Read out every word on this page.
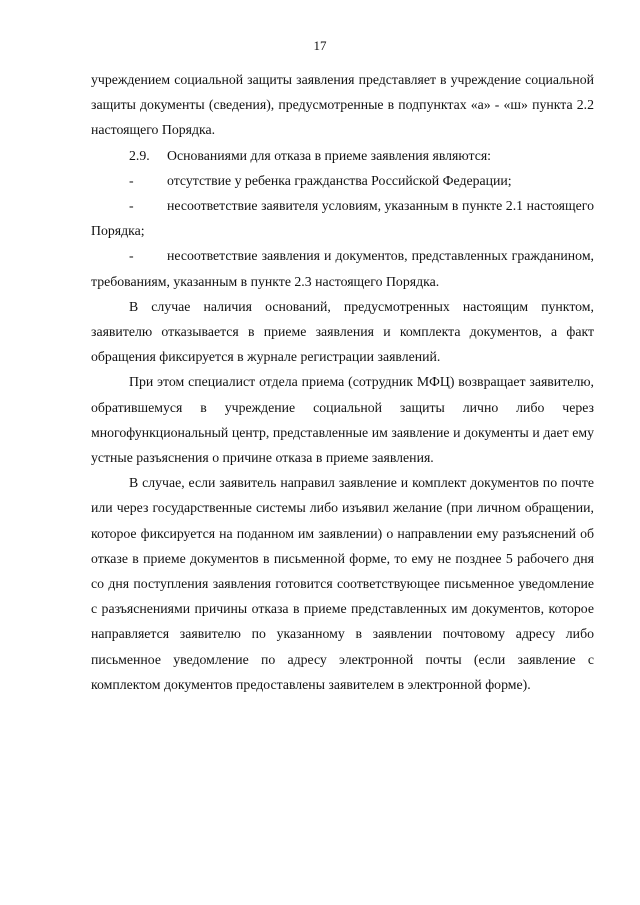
17

учреждением социальной защиты заявления представляет в учреждение социальной защиты документы (сведения), предусмотренные в подпунктах «а» - «ш» пункта 2.2 настоящего Порядка.

2.9.	Основаниями для отказа в приеме заявления являются:
-	отсутствие у ребенка гражданства Российской Федерации;

- несоответствие заявителя условиям, указанным в пункте 2.1 настоящего Порядка;

- несоответствие заявления и документов, представленных гражданином, требованиям, указанным в пункте 2.3 настоящего Порядка.

В случае наличия оснований, предусмотренных настоящим пунктом, заявителю отказывается в приеме заявления и комплекта документов, а факт обращения фиксируется в журнале регистрации заявлений.

При этом специалист отдела приема (сотрудник МФЦ) возвращает заявителю, обратившемуся в учреждение социальной защиты лично либо через многофункциональный центр, представленные им заявление и документы и дает ему устные разъяснения о причине отказа в приеме заявления.

В случае, если заявитель направил заявление и комплект документов по почте или через государственные системы либо изъявил желание (при личном обращении, которое фиксируется на поданном им заявлении) о направлении ему разъяснений об отказе в приеме документов в письменной форме, то ему не позднее 5 рабочего дня со дня поступления заявления готовится соответствующее письменное уведомление с разъяснениями причины отказа в приеме представленных им документов, которое направляется заявителю по указанному в заявлении почтовому адресу либо письменное уведомление по адресу электронной почты (если заявление с комплектом документов предоставлены заявителем в электронной форме).
